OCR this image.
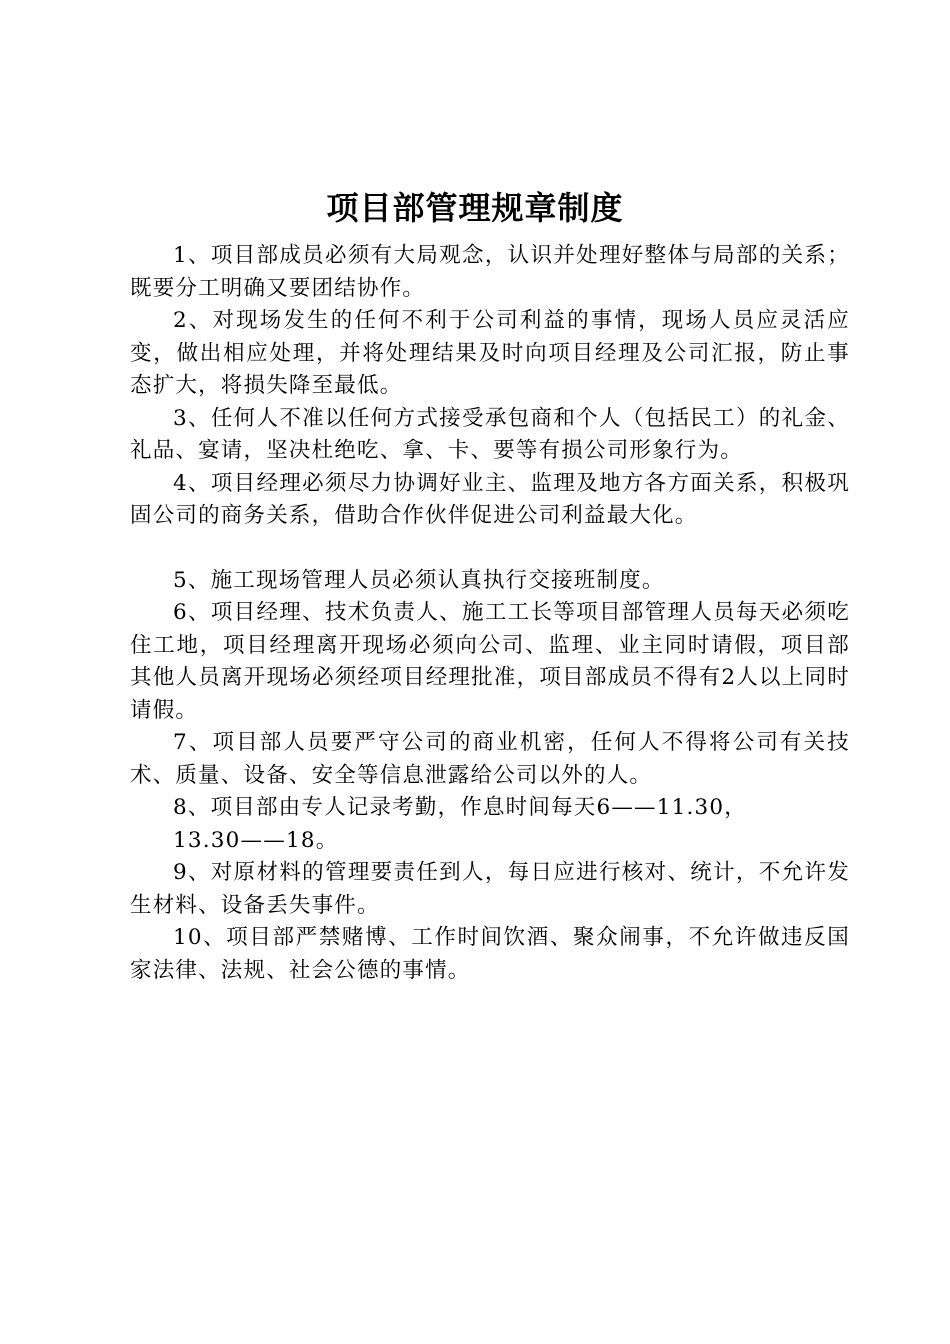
项目部管理规章制度

1、项目部成员必须有大局观念，认识并处理好整体与局部的关系；既要分工明确又要团结协作。

2、对现场发生的任何不利于公司利益的事情，现场人员应灵活应变，做出相应处理，并将处理结果及时向项目经理及公司汇报，防止事态扩大，将损失降至最低。

3、任何人不准以任何方式接受承包商和个人（包括民工）的礼金、礼品、宴请，坚决杜绝吃、拿、卡、要等有损公司形象行为。

4、项目经理必须尽力协调好业主、监理及地方各方面关系，积极巩固公司的商务关系，借助合作伙伴促进公司利益最大化。

5、施工现场管理人员必须认真执行交接班制度。

6、项目经理、技术负责人、施工工长等项目部管理人员每天必须吃住工地，项目经理离开现场必须向公司、监理、业主同时请假，项目部其他人员离开现场必须经项目经理批准，项目部成员不得有2人以上同时请假。

7、项目部人员要严守公司的商业机密，任何人不得将公司有关技术、质量、设备、安全等信息泄露给公司以外的人。

8、项目部由专人记录考勤，作息时间每天6——11.30，

13.30——18。

9、对原材料的管理要责任到人，每日应进行核对、统计，不允许发生材料、设备丢失事件。

10、项目部严禁赌博、工作时间饮酒、聚众闹事，不允许做违反国家法律、法规、社会公德的事情。
